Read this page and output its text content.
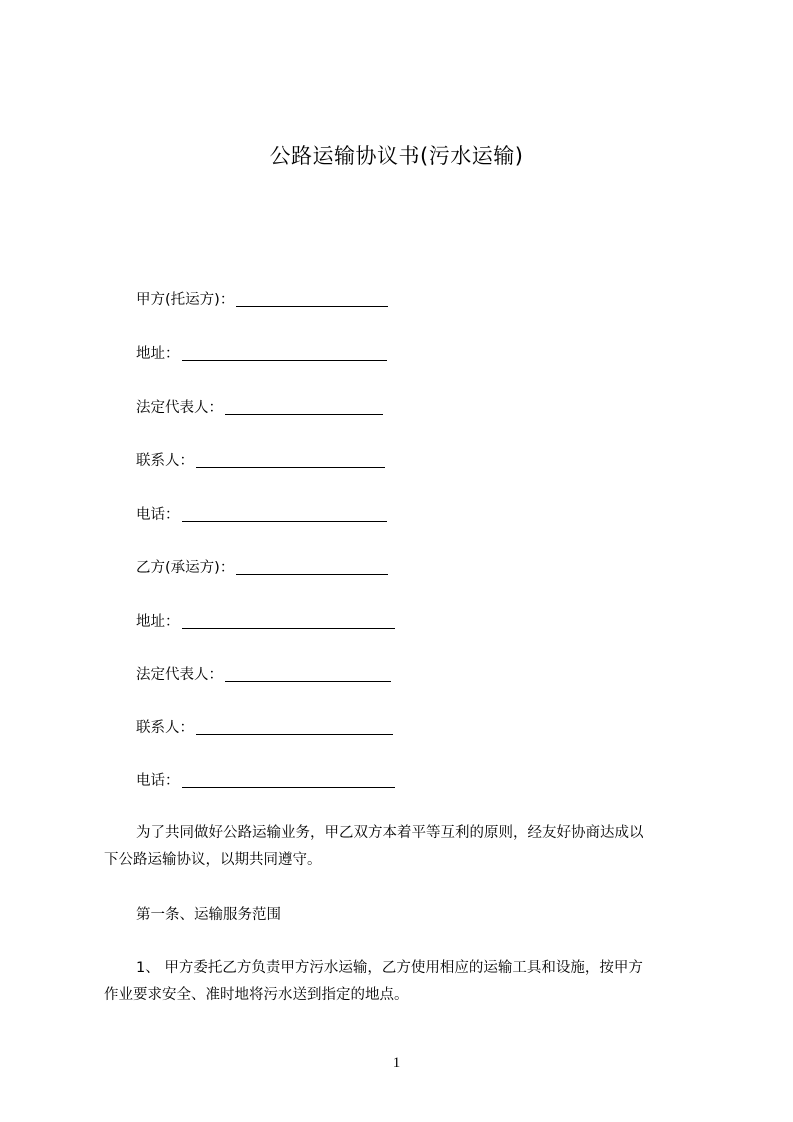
公路运输协议书(污水运输)
甲方(托运方)：
地址：
法定代表人：
联系人：
电话：
乙方(承运方)：
地址：
法定代表人：
联系人：
电话：
为了共同做好公路运输业务，甲乙双方本着平等互利的原则，经友好协商达成以
下公路运输协议，以期共同遵守。
第一条、运输服务范围
1、 甲方委托乙方负责甲方污水运输，乙方使用相应的运输工具和设施，按甲方
作业要求安全、准时地将污水送到指定的地点。
1
